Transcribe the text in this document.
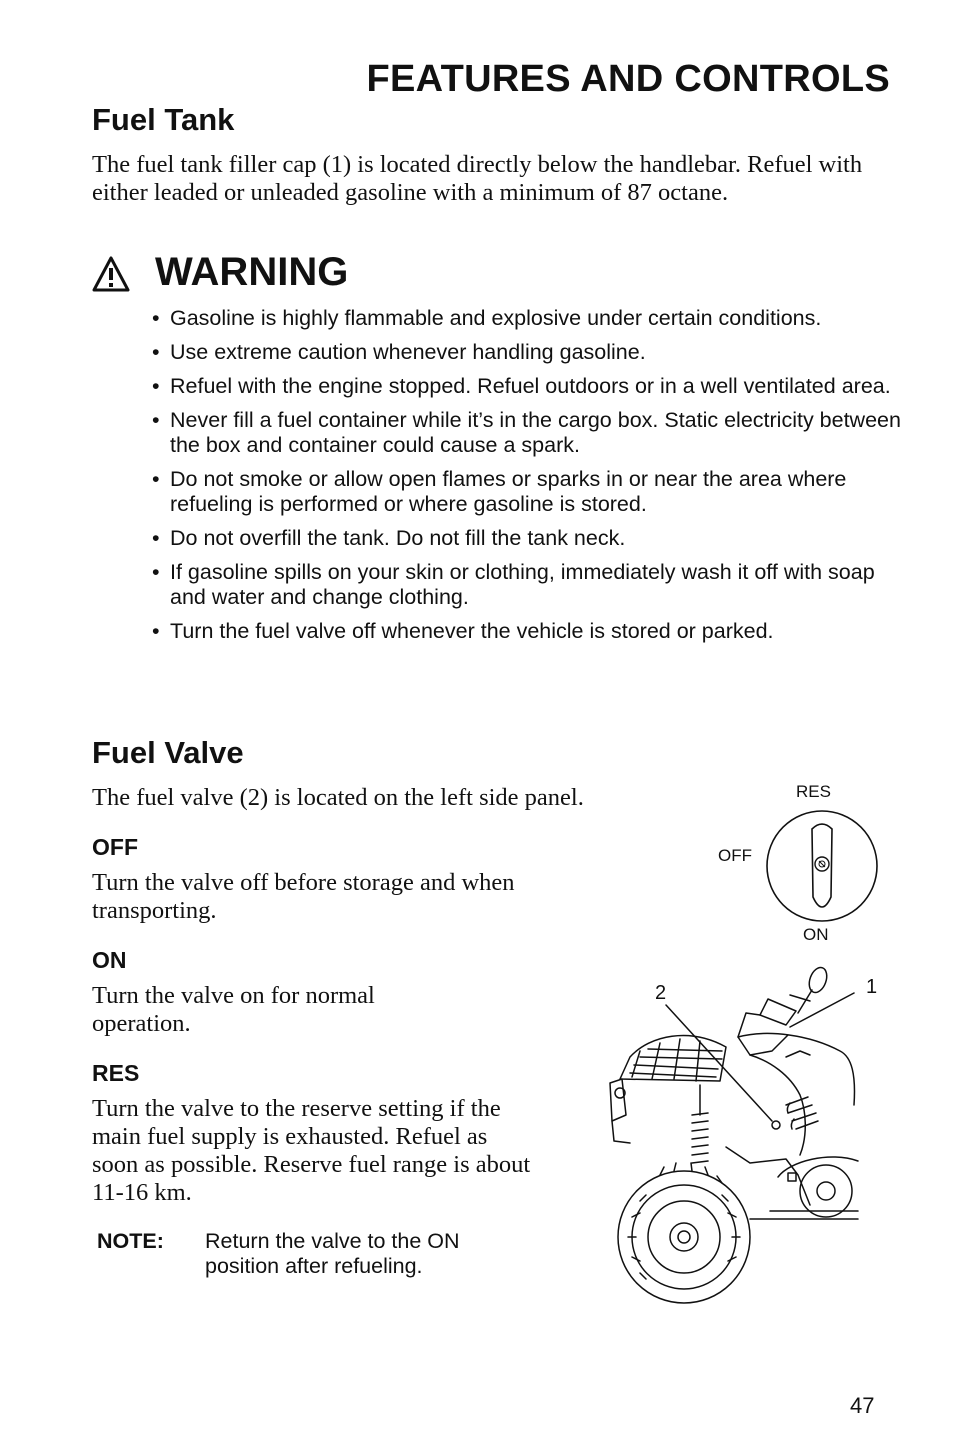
FEATURES AND CONTROLS
Fuel Tank
The fuel tank filler cap (1) is located directly below the handlebar. Refuel with either leaded or unleaded gasoline with a minimum of 87 octane.
WARNING
• Gasoline is highly flammable and explosive under certain conditions.
• Use extreme caution whenever handling gasoline.
• Refuel with the engine stopped. Refuel outdoors or in a well ventilated area.
• Never fill a fuel container while it’s in the cargo box. Static electricity between the box and container could cause a spark.
• Do not smoke or allow open flames or sparks in or near the area where refueling is performed or where gasoline is stored.
• Do not overfill the tank. Do not fill the tank neck.
• If gasoline spills on your skin or clothing, immediately wash it off with soap and water and change clothing.
• Turn the fuel valve off whenever the vehicle is stored or parked.
Fuel Valve
The fuel valve (2) is located on the left side panel.
OFF
Turn the valve off before storage and when transporting.
ON
Turn the valve on for normal operation.
RES
Turn the valve to the reserve setting if the main fuel supply is exhausted. Refuel as soon as possible. Reserve fuel range is about 11-16 km.
NOTE: Return the valve to the ON position after refueling.
RES
OFF
ON
2	1
47
